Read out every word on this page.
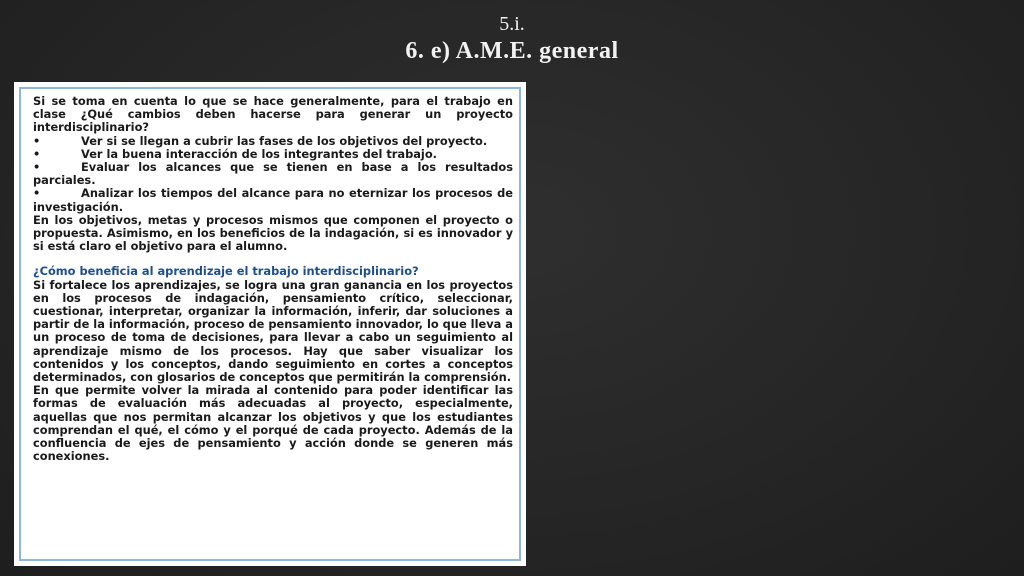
5.i.
6. e) A.M.E. general

Si se toma en cuenta lo que se hace generalmente, para el trabajo en clase ¿Qué cambios deben hacerse para generar un proyecto interdisciplinario?

•	Ver si se llegan a cubrir las fases de los objetivos del proyecto.

•	Ver la buena interacción de los integrantes del trabajo.

•	Evaluar los alcances que se tienen en base a los resultados parciales.

•	Analizar los tiempos del alcance para no eternizar los procesos de investigación.

En los objetivos, metas y procesos mismos que componen el proyecto o propuesta. Asimismo, en los beneficios de la indagación, si es innovador y si está claro el objetivo para el alumno.

¿Cómo beneficia al aprendizaje el trabajo interdisciplinario?

Si fortalece los aprendizajes, se logra una gran ganancia en los proyectos en los procesos de indagación, pensamiento crítico, seleccionar, cuestionar, interpretar, organizar la información, inferir, dar soluciones a partir de la información, proceso de pensamiento innovador, lo que lleva a un proceso de toma de decisiones, para llevar a cabo un seguimiento al aprendizaje mismo de los procesos. Hay que saber visualizar los contenidos y los conceptos, dando seguimiento en cortes a conceptos determinados, con glosarios de conceptos que permitirán la comprensión.

En que permite volver la mirada al contenido para poder identificar las formas de evaluación más adecuadas al proyecto, especialmente, aquellas que nos permitan alcanzar los objetivos y que los estudiantes comprendan el qué, el cómo y el porqué de cada proyecto. Además de la confluencia de ejes de pensamiento y acción donde se generen más conexiones.
